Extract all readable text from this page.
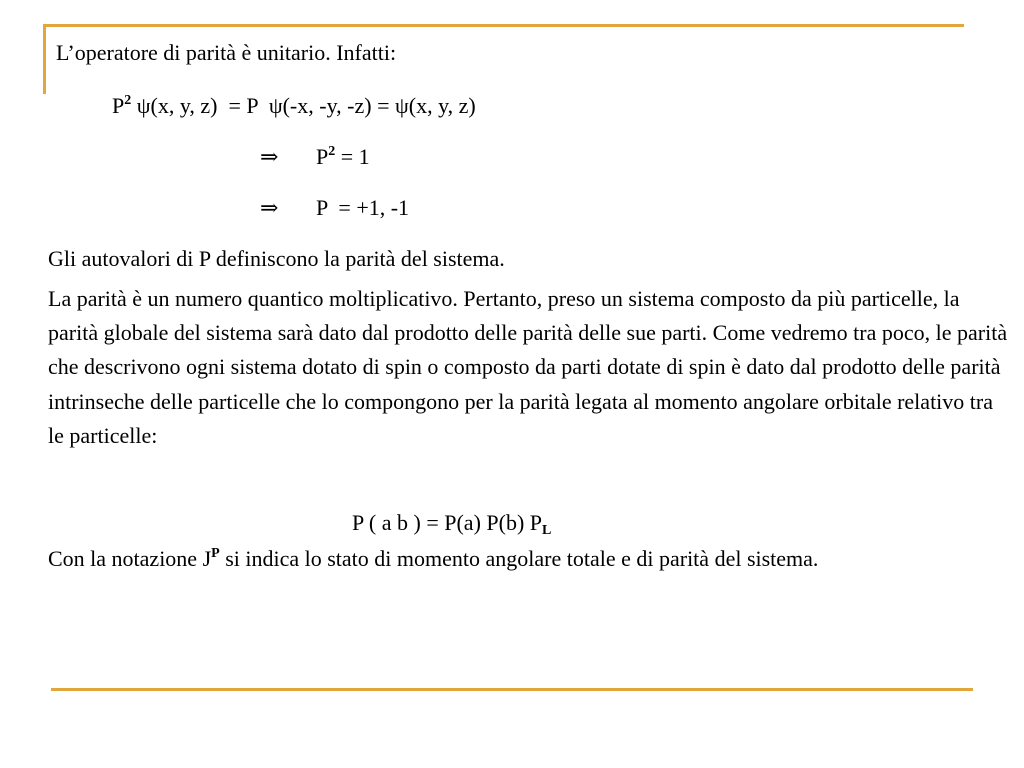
L’operatore di parità è unitario. Infatti:
$P^2$ ψ(x, y, z)  = P  ψ(-x, -y, -z) = ψ(x, y, z)
⇒ $P^2 = 1$
⇒ P  = +1, -1
Gli autovalori di P definiscono la parità del sistema.
La parità è un numero quantico moltiplicativo. Pertanto, preso un sistema composto da più particelle, la parità globale del sistema sarà dato dal prodotto delle parità delle sue parti. Come vedremo tra poco, le parità che descrivono ogni sistema dotato di spin o composto da parti dotate di spin è dato dal prodotto delle parità intrinseche delle particelle che lo compongono per la parità legata al momento angolare orbitale relativo tra le particelle:
P ( a b ) = P(a) P(b) $P_L$
Con la notazione $J^P$ si indica lo stato di momento angolare totale e di parità del sistema.
